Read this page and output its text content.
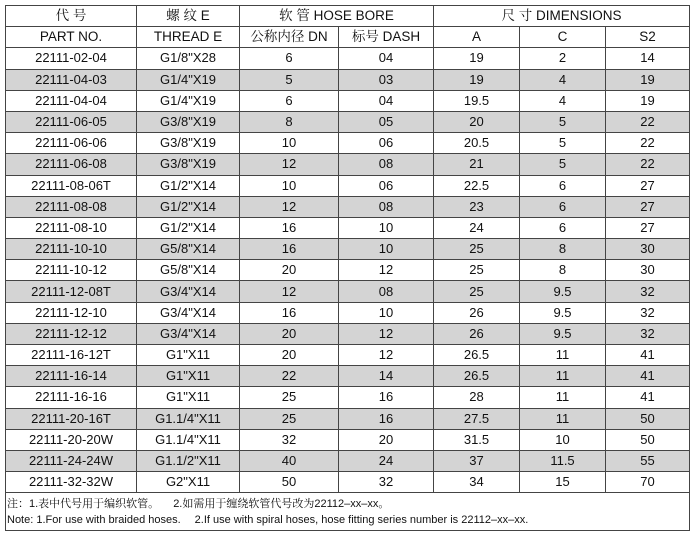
代 号	螺 纹 E	软 管 HOSE BORE		尺 寸 DIMENSIONS		
PART NO.	THREAD E	公称内径 DN	标号 DASH	A	C	S2
22111-02-04	G1/8"X28	6	04	19	2	14
22111-04-03	G1/4"X19	5	03	19	4	19
22111-04-04	G1/4"X19	6	04	19.5	4	19
22111-06-05	G3/8"X19	8	05	20	5	22
22111-06-06	G3/8"X19	10	06	20.5	5	22
22111-06-08	G3/8"X19	12	08	21	5	22
22111-08-06T	G1/2"X14	10	06	22.5	6	27
22111-08-08	G1/2"X14	12	08	23	6	27
22111-08-10	G1/2"X14	16	10	24	6	27
22111-10-10	G5/8"X14	16	10	25	8	30
22111-10-12	G5/8"X14	20	12	25	8	30
22111-12-08T	G3/4"X14	12	08	25	9.5	32
22111-12-10	G3/4"X14	16	10	26	9.5	32
22111-12-12	G3/4"X14	20	12	26	9.5	32
22111-16-12T	G1"X11	20	12	26.5	11	41
22111-16-14	G1"X11	22	14	26.5	11	41
22111-16-16	G1"X11	25	16	28	11	41
22111-20-16T	G1.1/4"X11	25	16	27.5	11	50
22111-20-20W	G1.1/4"X11	32	20	31.5	10	50
22111-24-24W	G1.1/2"X11	40	24	37	11.5	55
22111-32-32W	G2"X11	50	32	34	15	70
注：1.表中代号用于编织软管。 2.如需用于缠绕软管代号改为22112–xx–xx。
Note: 1.For use with braided hoses. 2.If use with spiral hoses, hose fitting series number is 22112–xx–xx.
